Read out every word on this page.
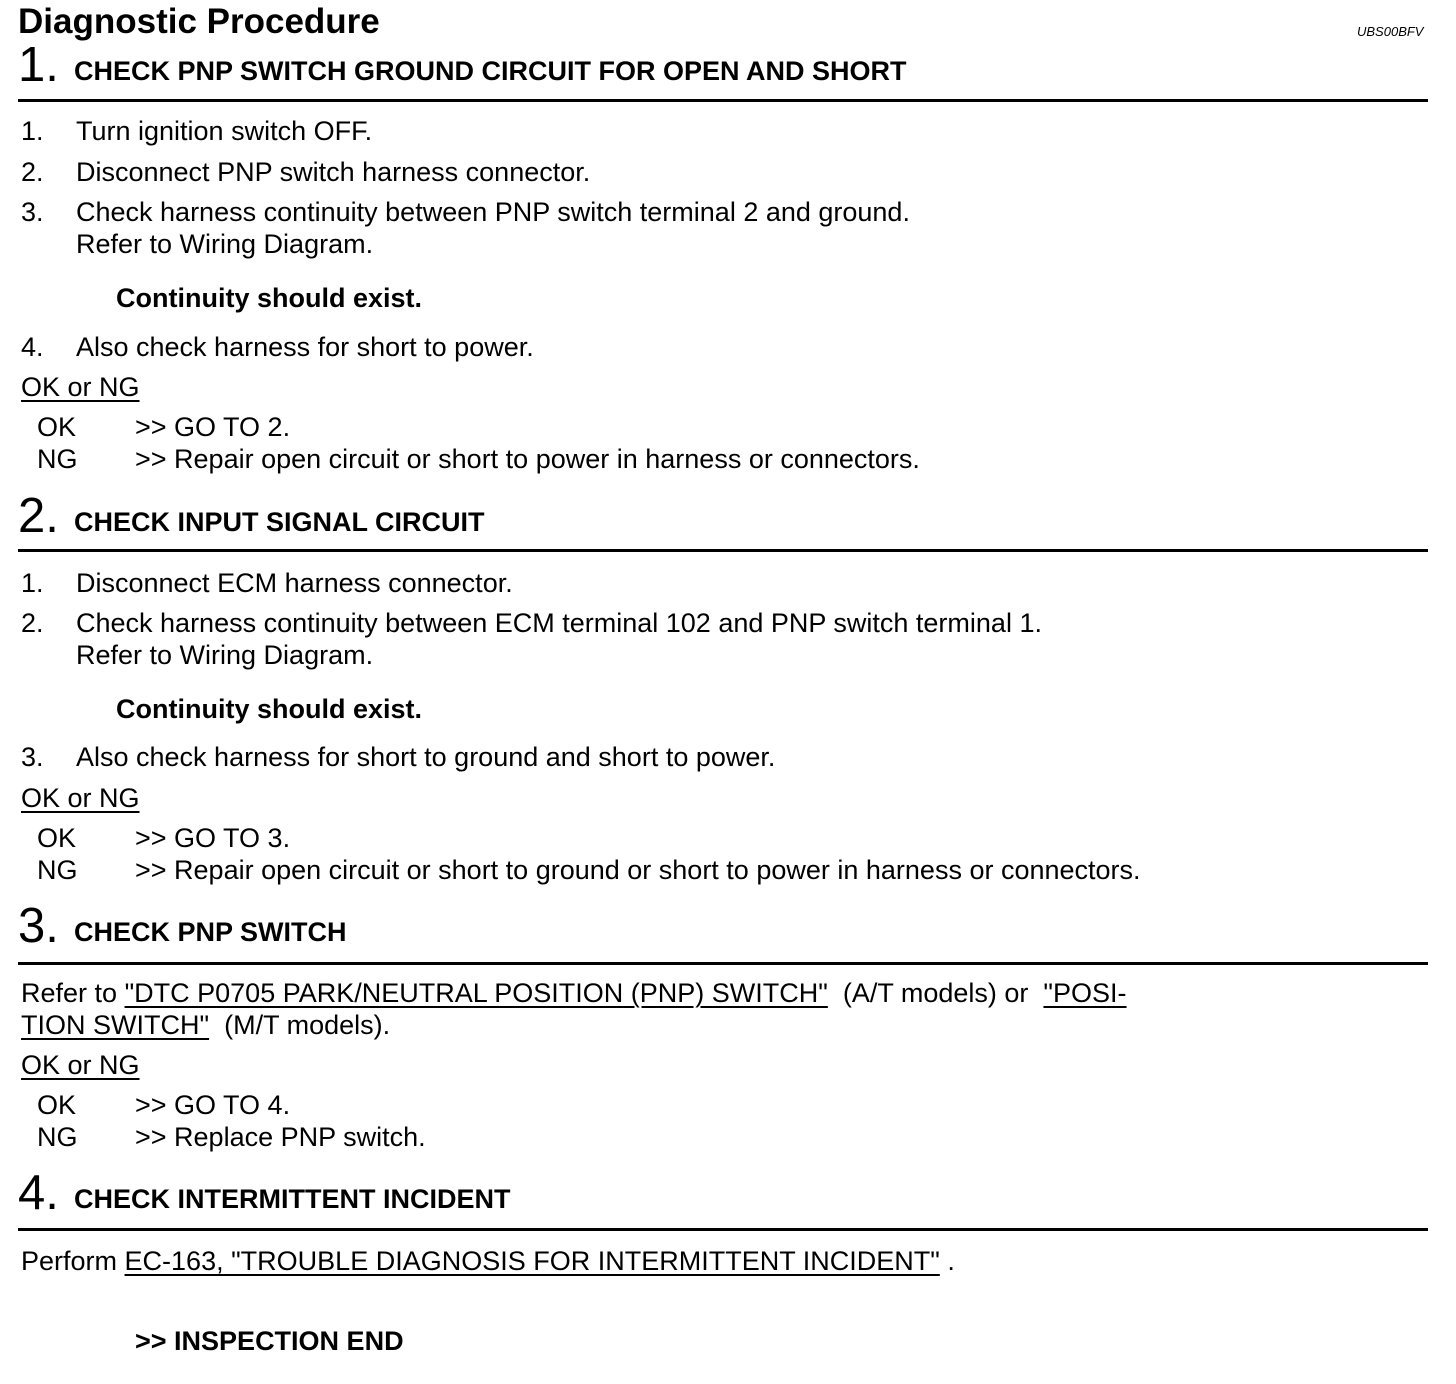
Diagnostic Procedure	UBS00BFV
1. CHECK PNP SWITCH GROUND CIRCUIT FOR OPEN AND SHORT
1. Turn ignition switch OFF.
2. Disconnect PNP switch harness connector.
3. Check harness continuity between PNP switch terminal 2 and ground.
Refer to Wiring Diagram.
Continuity should exist.
4. Also check harness for short to power.
OK or NG
OK >> GO TO 2.
NG >> Repair open circuit or short to power in harness or connectors.
2. CHECK INPUT SIGNAL CIRCUIT
1. Disconnect ECM harness connector.
2. Check harness continuity between ECM terminal 102 and PNP switch terminal 1.
Refer to Wiring Diagram.
Continuity should exist.
3. Also check harness for short to ground and short to power.
OK or NG
OK >> GO TO 3.
NG >> Repair open circuit or short to ground or short to power in harness or connectors.
3. CHECK PNP SWITCH
Refer to "DTC P0705 PARK/NEUTRAL POSITION (PNP) SWITCH" (A/T models) or "POSI-
TION SWITCH" (M/T models).
OK or NG
OK >> GO TO 4.
NG >> Replace PNP switch.
4. CHECK INTERMITTENT INCIDENT
Perform EC-163, "TROUBLE DIAGNOSIS FOR INTERMITTENT INCIDENT" .
>> INSPECTION END
